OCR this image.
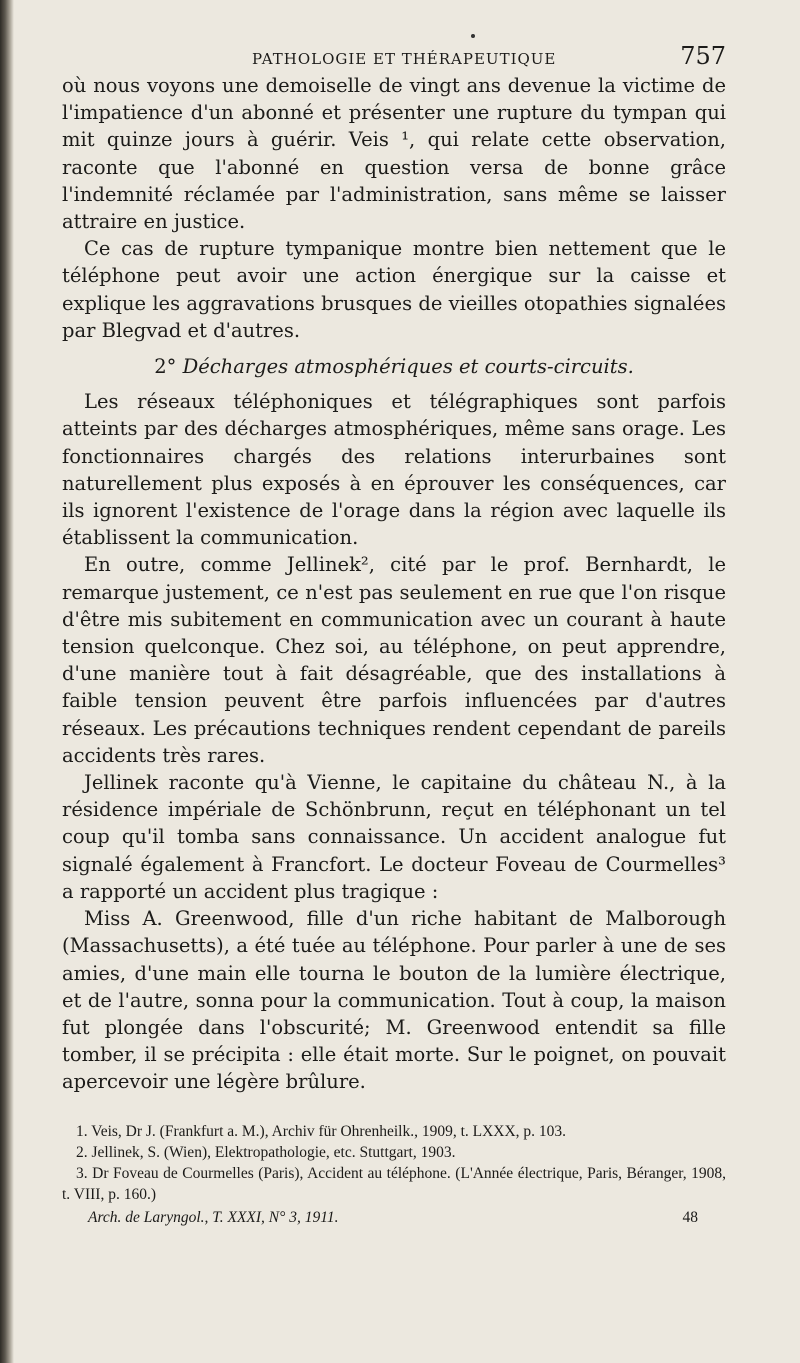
PATHOLOGIE ET THÉRAPEUTIQUE	757

où nous voyons une demoiselle de vingt ans devenue la victime de l'impatience d'un abonné et présenter une rupture du tympan qui mit quinze jours à guérir. Veis ¹, qui relate cette observation, raconte que l'abonné en question versa de bonne grâce l'indemnité réclamée par l'administration, sans même se laisser attraire en justice.

Ce cas de rupture tympanique montre bien nettement que le téléphone peut avoir une action énergique sur la caisse et explique les aggravations brusques de vieilles otopathies signalées par Blegvad et d'autres.

2° Décharges atmosphériques et courts-circuits.

Les réseaux téléphoniques et télégraphiques sont parfois atteints par des décharges atmosphériques, même sans orage. Les fonctionnaires chargés des relations interurbaines sont naturellement plus exposés à en éprouver les conséquences, car ils ignorent l'existence de l'orage dans la région avec laquelle ils établissent la communication.

En outre, comme Jellinek², cité par le prof. Bernhardt, le remarque justement, ce n'est pas seulement en rue que l'on risque d'être mis subitement en communication avec un courant à haute tension quelconque. Chez soi, au téléphone, on peut apprendre, d'une manière tout à fait désagréable, que des installations à faible tension peuvent être parfois influencées par d'autres réseaux. Les précautions techniques rendent cependant de pareils accidents très rares.

Jellinek raconte qu'à Vienne, le capitaine du château N., à la résidence impériale de Schönbrunn, reçut en téléphonant un tel coup qu'il tomba sans connaissance. Un accident analogue fut signalé également à Francfort. Le docteur Foveau de Courmelles³ a rapporté un accident plus tragique :

Miss A. Greenwood, fille d'un riche habitant de Malborough (Massachusetts), a été tuée au téléphone. Pour parler à une de ses amies, d'une main elle tourna le bouton de la lumière électrique, et de l'autre, sonna pour la communication. Tout à coup, la maison fut plongée dans l'obscurité; M. Greenwood entendit sa fille tomber, il se précipita : elle était morte. Sur le poignet, on pouvait apercevoir une légère brûlure.

1. Veis, Dr J. (Frankfurt a. M.), Archiv für Ohrenheilk., 1909, t. LXXX, p. 103.

2. Jellinek, S. (Wien), Elektropathologie, etc. Stuttgart, 1903.

3. Dr Foveau de Courmelles (Paris), Accident au téléphone. (L'Année électrique, Paris, Béranger, 1908, t. VIII, p. 160.)

Arch. de Laryngol., T. XXXI, N° 3, 1911.	48
